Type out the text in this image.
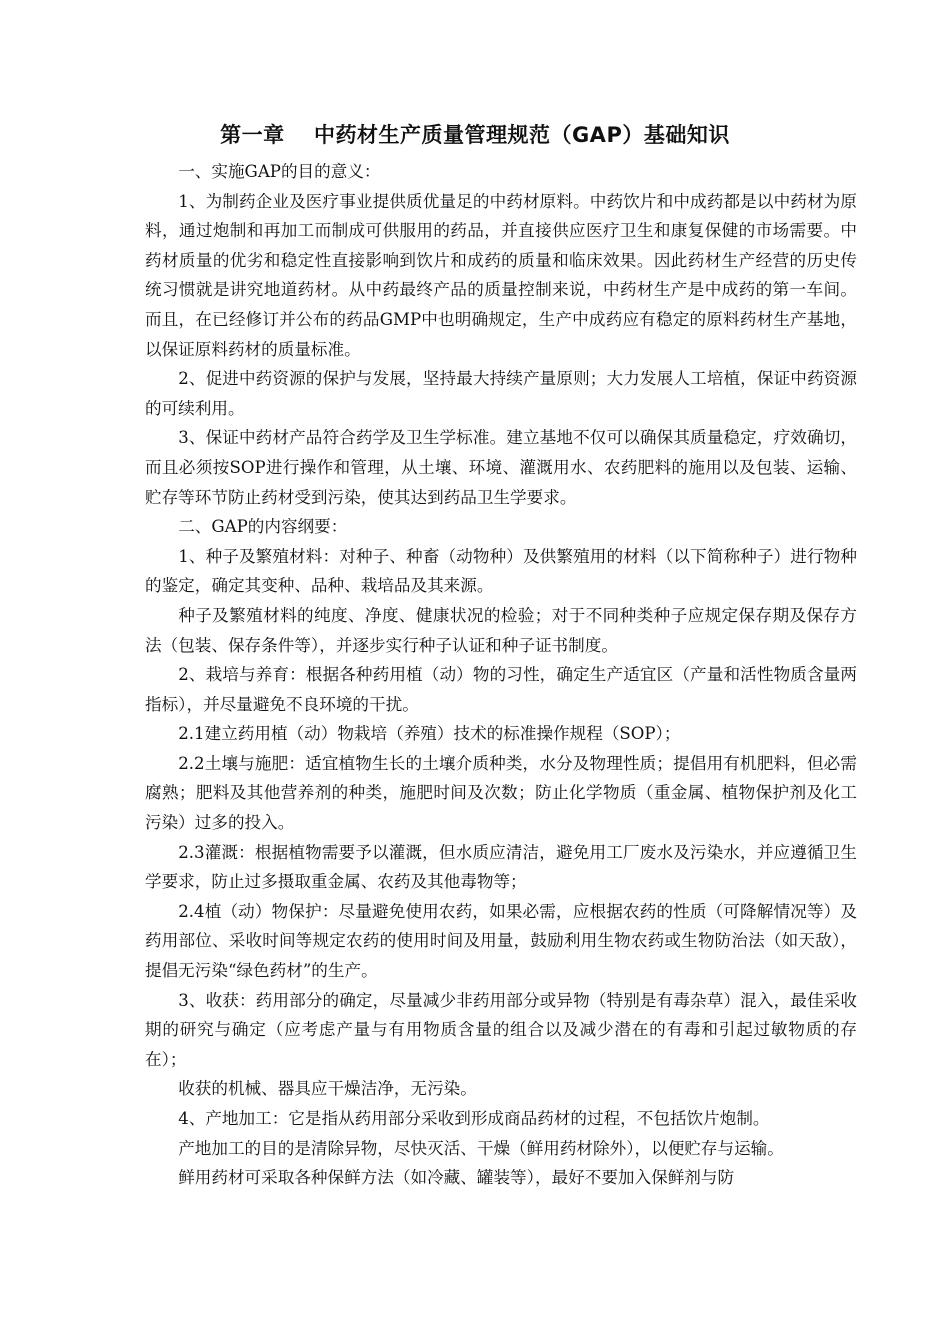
第一章　 中药材生产质量管理规范（GAP）基础知识

一、实施GAP的目的意义：

1、为制药企业及医疗事业提供质优量足的中药材原料。中药饮片和中成药都是以中药材为原料，通过炮制和再加工而制成可供服用的药品，并直接供应医疗卫生和康复保健的市场需要。中药材质量的优劣和稳定性直接影响到饮片和成药的质量和临床效果。因此药材生产经营的历史传统习惯就是讲究地道药材。从中药最终产品的质量控制来说，中药材生产是中成药的第一车间。而且，在已经修订并公布的药品GMP中也明确规定，生产中成药应有稳定的原料药材生产基地，以保证原料药材的质量标准。

2、促进中药资源的保护与发展，坚持最大持续产量原则；大力发展人工培植，保证中药资源的可续利用。

3、保证中药材产品符合药学及卫生学标准。建立基地不仅可以确保其质量稳定，疗效确切，而且必须按SOP进行操作和管理，从土壤、环境、灌溉用水、农药肥料的施用以及包装、运输、贮存等环节防止药材受到污染，使其达到药品卫生学要求。

二、GAP的内容纲要：

1、种子及繁殖材料：对种子、种畜（动物种）及供繁殖用的材料（以下简称种子）进行物种的鉴定，确定其变种、品种、栽培品及其来源。

种子及繁殖材料的纯度、净度、健康状况的检验；对于不同种类种子应规定保存期及保存方法（包装、保存条件等），并逐步实行种子认证和种子证书制度。

2、栽培与养育：根据各种药用植（动）物的习性，确定生产适宜区（产量和活性物质含量两指标），并尽量避免不良环境的干扰。

2.1建立药用植（动）物栽培（养殖）技术的标准操作规程（SOP）；

2.2土壤与施肥：适宜植物生长的土壤介质种类，水分及物理性质；提倡用有机肥料，但必需腐熟；肥料及其他营养剂的种类，施肥时间及次数；防止化学物质（重金属、植物保护剂及化工污染）过多的投入。

2.3灌溉：根据植物需要予以灌溉，但水质应清洁，避免用工厂废水及污染水，并应遵循卫生学要求，防止过多摄取重金属、农药及其他毒物等；

2.4植（动）物保护：尽量避免使用农药，如果必需，应根据农药的性质（可降解情况等）及药用部位、采收时间等规定农药的使用时间及用量，鼓励利用生物农药或生物防治法（如天敌），提倡无污染“绿色药材”的生产。

3、收获：药用部分的确定，尽量减少非药用部分或异物（特别是有毒杂草）混入，最佳采收期的研究与确定（应考虑产量与有用物质含量的组合以及减少潜在的有毒和引起过敏物质的存在）；

收获的机械、器具应干燥洁净，无污染。

4、产地加工：它是指从药用部分采收到形成商品药材的过程，不包括饮片炮制。

产地加工的目的是清除异物，尽快灭活、干燥（鲜用药材除外），以便贮存与运输。

鲜用药材可采取各种保鲜方法（如冷藏、罐装等），最好不要加入保鲜剂与防
